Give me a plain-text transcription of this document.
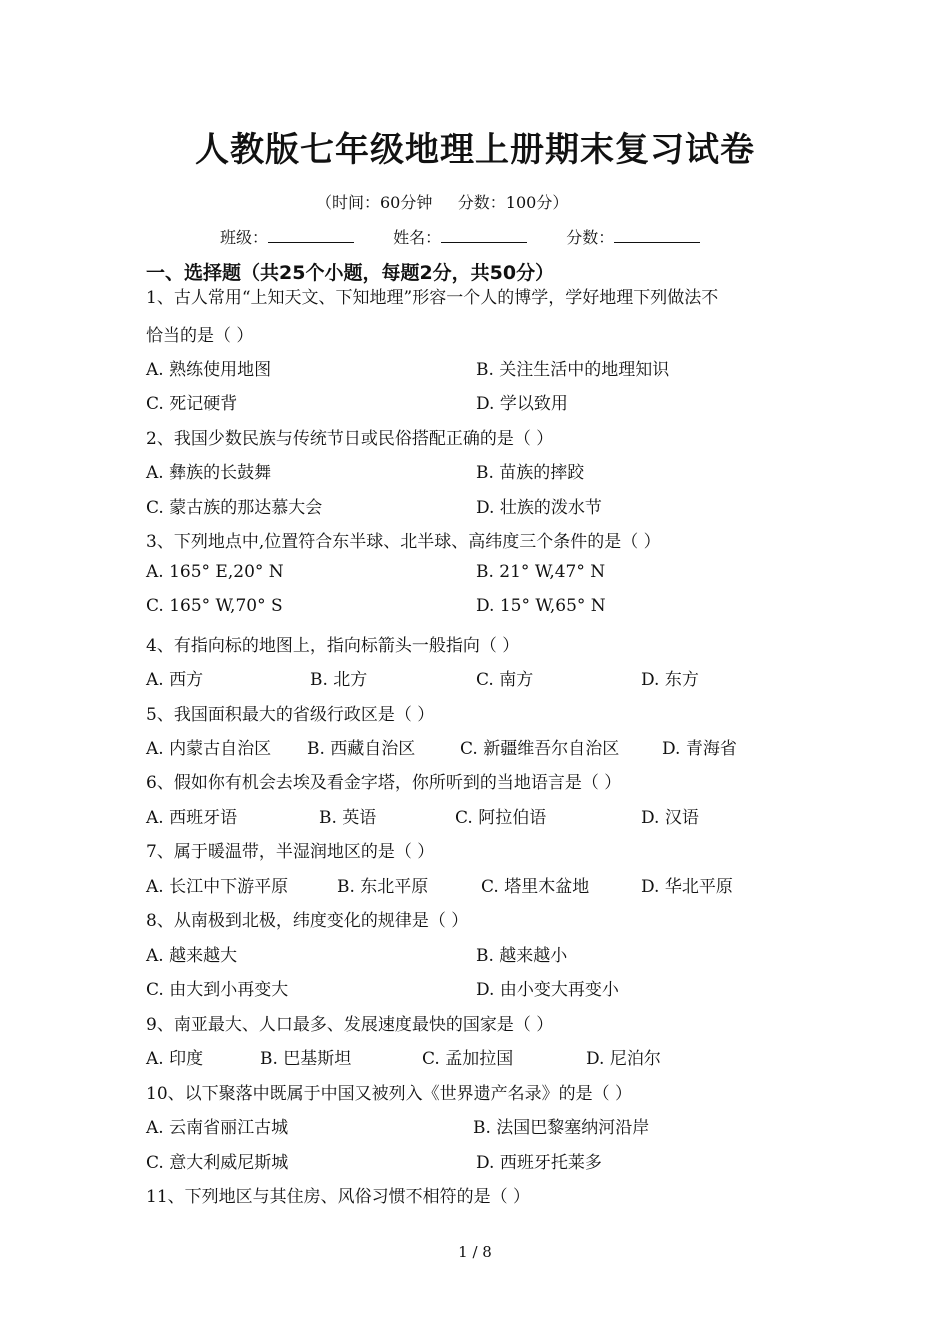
人教版七年级地理上册期末复习试卷
（时间：60分钟     分数：100分）
班级：	姓名：	分数：
一、选择题（共25个小题，每题2分，共50分）
1、古人常用“上知天文、下知地理”形容一个人的博学，学好地理下列做法不
恰当的是（ ）
A. 熟练使用地图	B. 关注生活中的地理知识
C. 死记硬背	D. 学以致用
2、我国少数民族与传统节日或民俗搭配正确的是（ ）
A. 彝族的长鼓舞	B. 苗族的摔跤
C. 蒙古族的那达慕大会	D. 壮族的泼水节
3、下列地点中,位置符合东半球、北半球、高纬度三个条件的是（ ）
A. 165° E,20° N	B. 21° W,47° N
C. 165° W,70° S	D. 15° W,65° N
4、有指向标的地图上，指向标箭头一般指向（ ）
A. 西方	B. 北方	C. 南方	D. 东方
5、我国面积最大的省级行政区是（ ）
A. 内蒙古自治区 B. 西藏自治区	C. 新疆维吾尔自治区	D. 青海省
6、假如你有机会去埃及看金字塔，你所听到的当地语言是（ ）
A. 西班牙语	B. 英语	C. 阿拉伯语	D. 汉语
7、属于暖温带，半湿润地区的是（ ）
A. 长江中下游平原	B. 东北平原	C. 塔里木盆地	D. 华北平原
8、从南极到北极，纬度变化的规律是（ ）
A. 越来越大	B. 越来越小
C. 由大到小再变大	D. 由小变大再变小
9、南亚最大、人口最多、发展速度最快的国家是（ ）
A. 印度	B. 巴基斯坦	C. 孟加拉国	D. 尼泊尔
10、以下聚落中既属于中国又被列入《世界遗产名录》的是（ ）
A. 云南省丽江古城	B. 法国巴黎塞纳河沿岸
C. 意大利威尼斯城	D. 西班牙托莱多
11、下列地区与其住房、风俗习惯不相符的是（ ）
1 / 8
